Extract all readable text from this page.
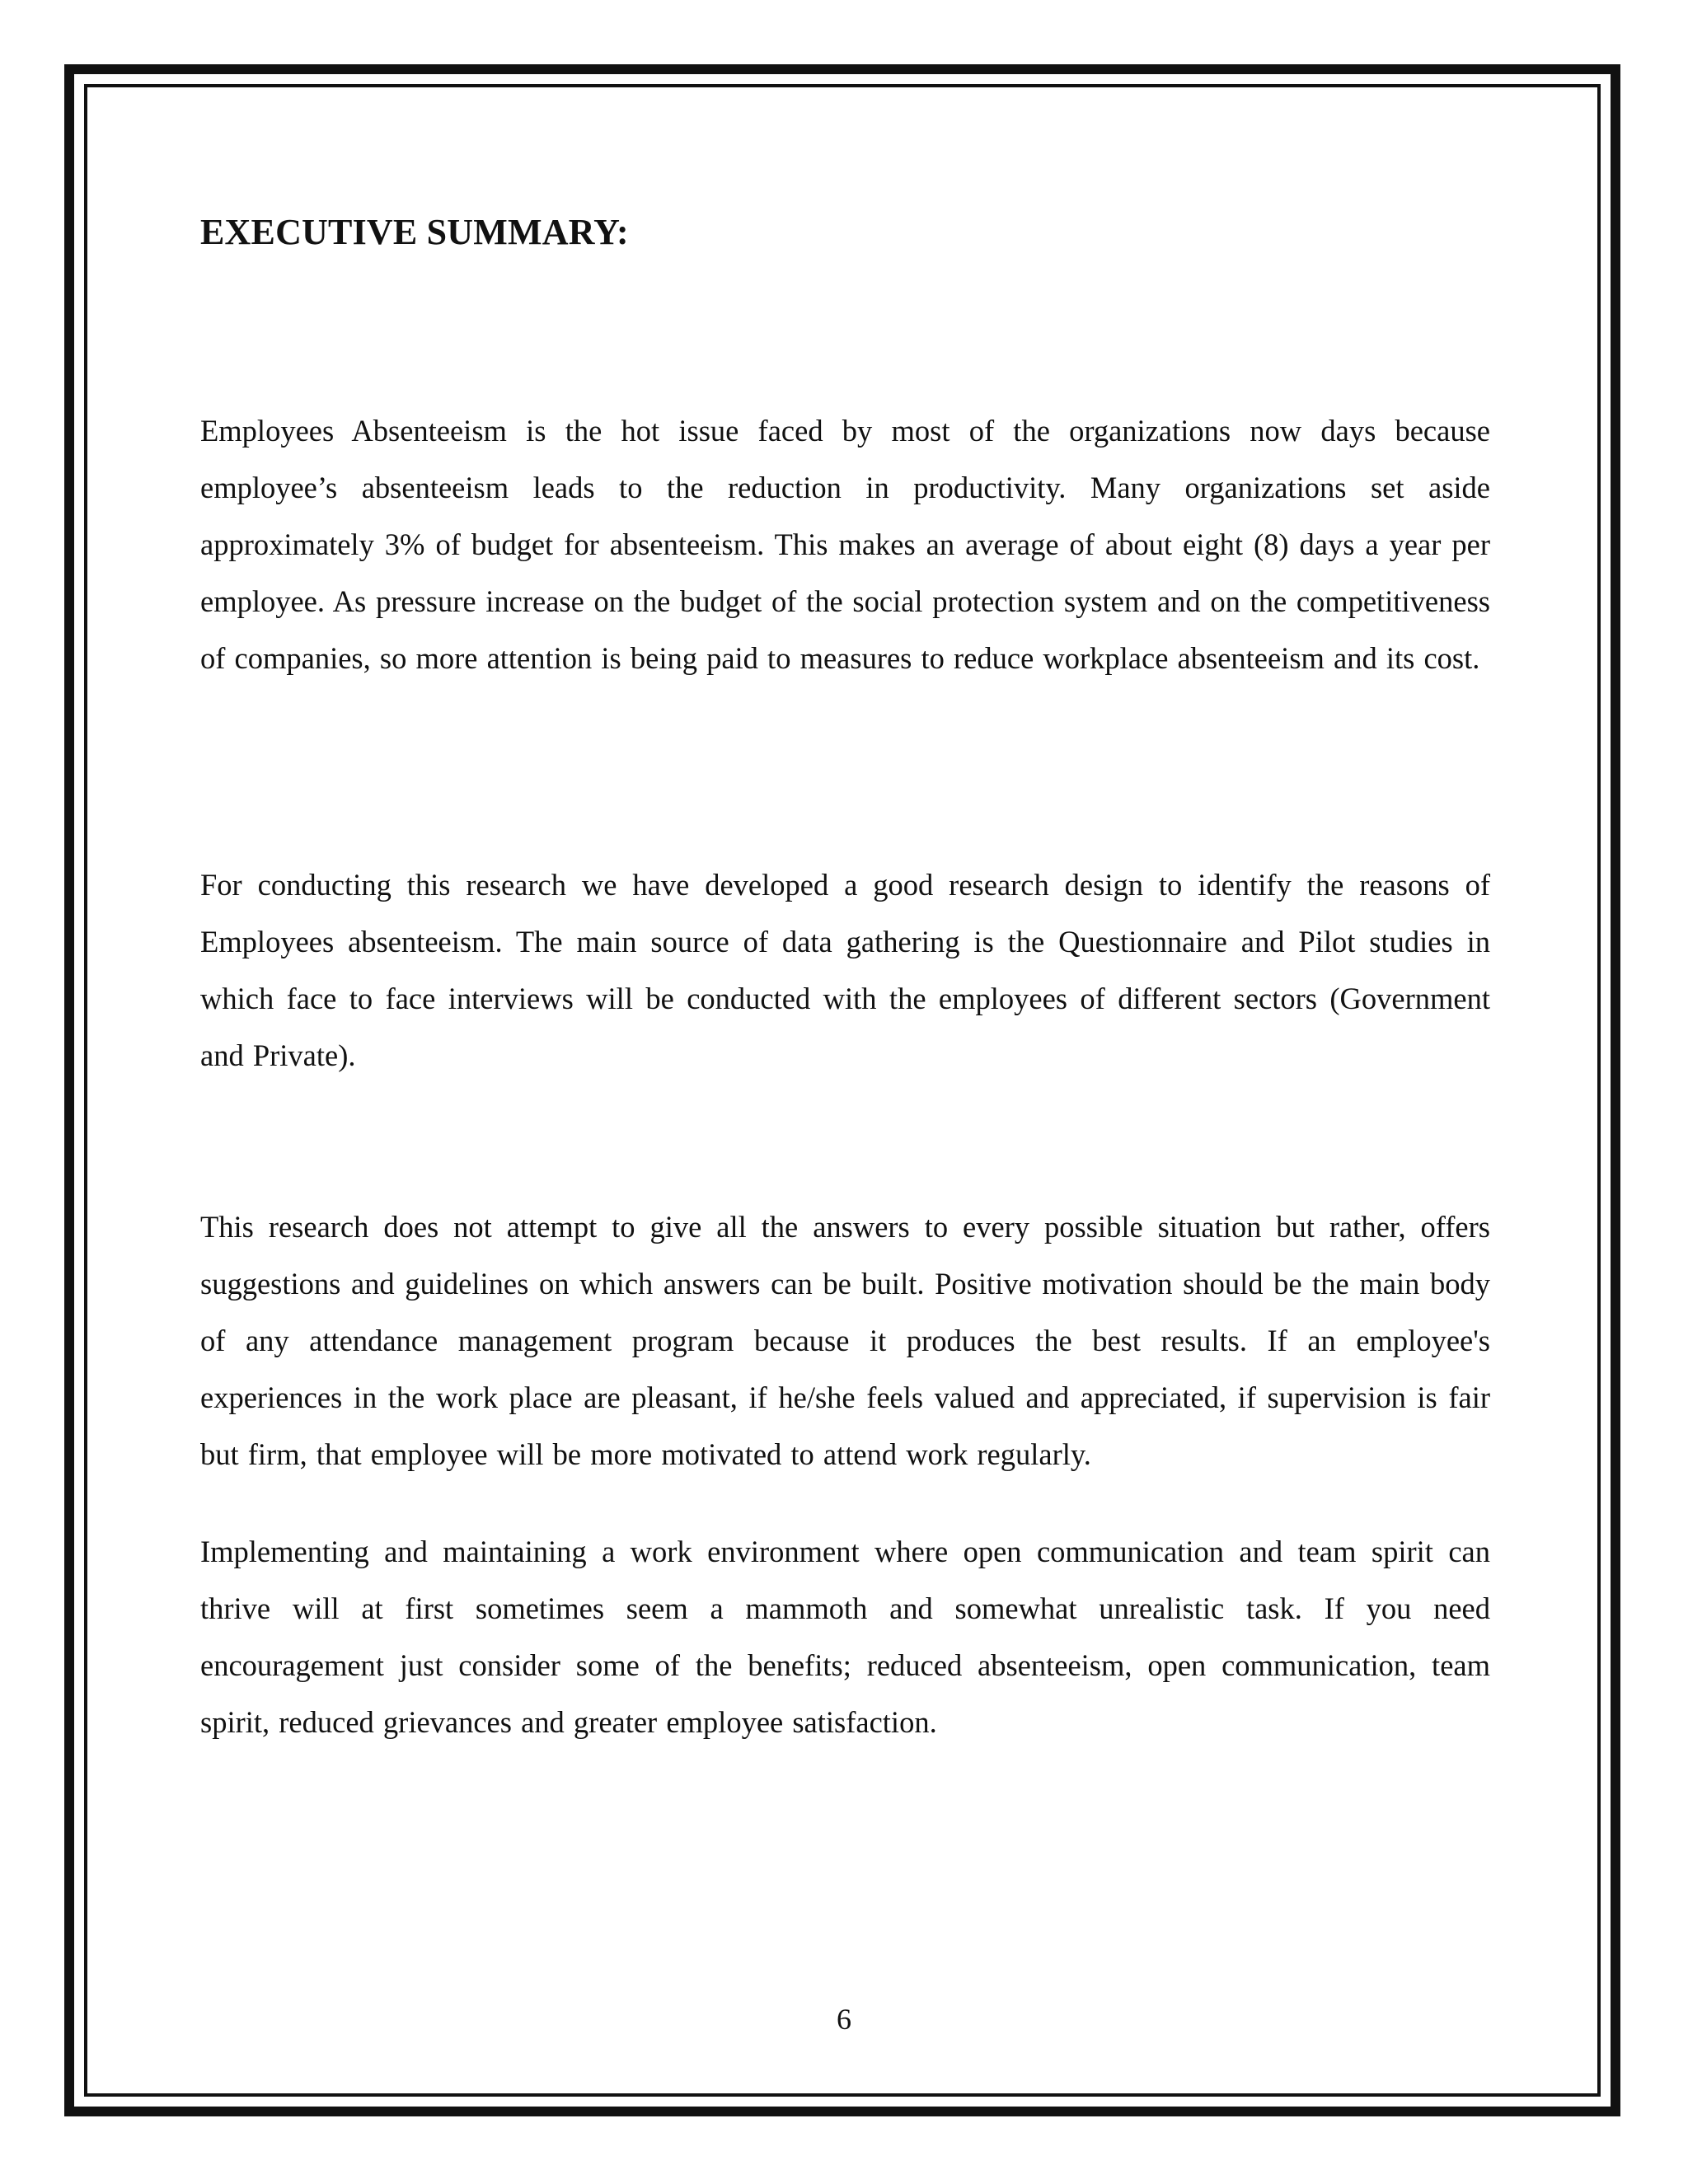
EXECUTIVE SUMMARY:

Employees Absenteeism is the hot issue faced by most of the organizations now days because employee’s absenteeism leads to the reduction in productivity. Many organizations set aside approximately 3% of budget for absenteeism. This makes an average of about eight (8) days a year per employee. As pressure increase on the budget of the social protection system and on the competitiveness of companies, so more attention is being paid to measures to reduce workplace absenteeism and its cost.

For conducting this research we have developed a good research design to identify the reasons of Employees absenteeism. The main source of data gathering is the Questionnaire and Pilot studies in which face to face interviews will be conducted with the employees of different sectors (Government and Private).

This research does not attempt to give all the answers to every possible situation but rather, offers suggestions and guidelines on which answers can be built. Positive motivation should be the main body of any attendance management program because it produces the best results. If an employee's experiences in the work place are pleasant, if he/she feels valued and appreciated, if supervision is fair but firm, that employee will be more motivated to attend work regularly.

Implementing and maintaining a work environment where open communication and team spirit can thrive will at first sometimes seem a mammoth and somewhat unrealistic task. If you need encouragement just consider some of the benefits; reduced absenteeism, open communication, team spirit, reduced grievances and greater employee satisfaction.

6
